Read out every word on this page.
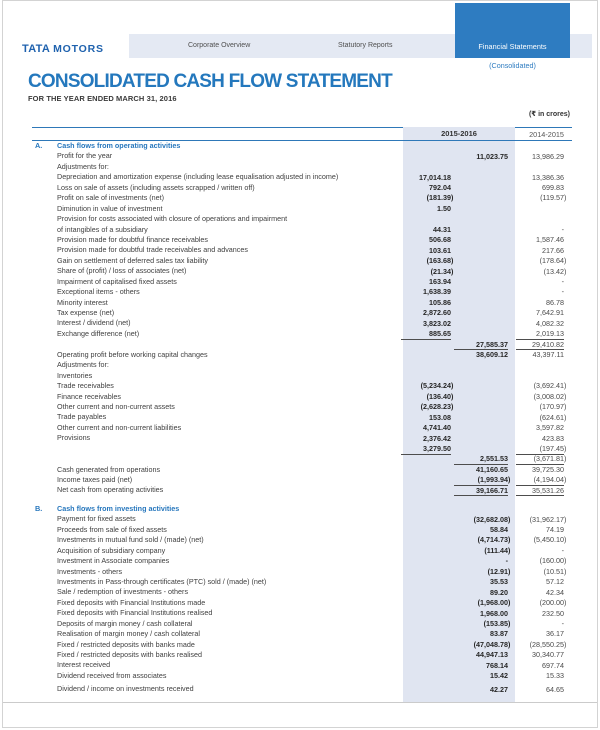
TATA MOTORS	Corporate Overview	Statutory Reports	Financial Statements
(Consolidated)
CONSOLIDATED CASH FLOW STATEMENT
FOR THE YEAR ENDED MARCH 31, 2016
(₹ in crores)
2015-2016	2014-2015
A. Cash flows from operating activities
Profit for the year	11,023.75	13,986.29
Adjustments for:
Depreciation and amortization expense (including lease equalisation adjusted in income)	17,014.18	13,386.36
Loss on sale of assets (including assets scrapped / written off)	792.04	699.83
Profit on sale of investments (net)	(181.39)	(119.57)
Diminution in value of investment	1.50
Provision for costs associated with closure of operations and impairment
of intangibles of a subsidiary	44.31	-
Provision made for doubtful finance receivables	506.68	1,587.46
Provision made for doubtful trade receivables and advances	103.61	217.66
Gain on settlement of deferred sales tax liability	(163.68)	(178.64)
Share of (profit) / loss of associates (net)	(21.34)	(13.42)
Impairment of capitalised fixed assets	163.94	-
Exceptional items - others	1,638.39	-
Minority interest	105.86	86.78
Tax expense (net)	2,872.60	7,642.91
Interest / dividend (net)	3,823.02	4,082.32
Exchange difference (net)	885.65	2,019.13
27,585.37	29,410.82
Operating profit before working capital changes	38,609.12	43,397.11
Adjustments for:
Inventories
Trade receivables	(5,234.24)	(3,692.41)
Finance receivables	(136.40)	(3,008.02)
Other current and non-current assets	(2,628.23)	(170.97)
Trade payables	153.08	(624.61)
Other current and non-current liabilities	4,741.40	3,597.82
Provisions	2,376.42	423.83
3,279.50	(197.45)
2,551.53	(3,671.81)
Cash generated from operations	41,160.65	39,725.30
Income taxes paid (net)	(1,993.94)	(4,194.04)
Net cash from operating activities	39,166.71	35,531.26
B. Cash flows from investing activities
Payment for fixed assets	(32,682.08)	(31,962.17)
Proceeds from sale of fixed assets	58.84	74.19
Investments in mutual fund sold / (made) (net)	(4,714.73)	(5,450.10)
Acquisition of subsidiary company	(111.44)	-
Investment in Associate companies	-	(160.00)
Investments - others	(12.91)	(10.51)
Investments in Pass-through certificates (PTC) sold / (made) (net)	35.53	57.12
Sale / redemption of investments - others	89.20	42.34
Fixed deposits with Financial Institutions made	(1,968.00)	(200.00)
Fixed deposits with Financial Institutions realised	1,968.00	232.50
Deposits of margin money / cash collateral	(153.85)	-
Realisation of margin money / cash collateral	83.87	36.17
Fixed / restricted deposits with banks made	(47,048.78)	(28,550.25)
Fixed / restricted deposits with banks realised	44,947.13	30,340.77
Interest received	768.14	697.74
Dividend received from associates	15.42	15.33
Dividend / income on investments received	42.27	64.65
